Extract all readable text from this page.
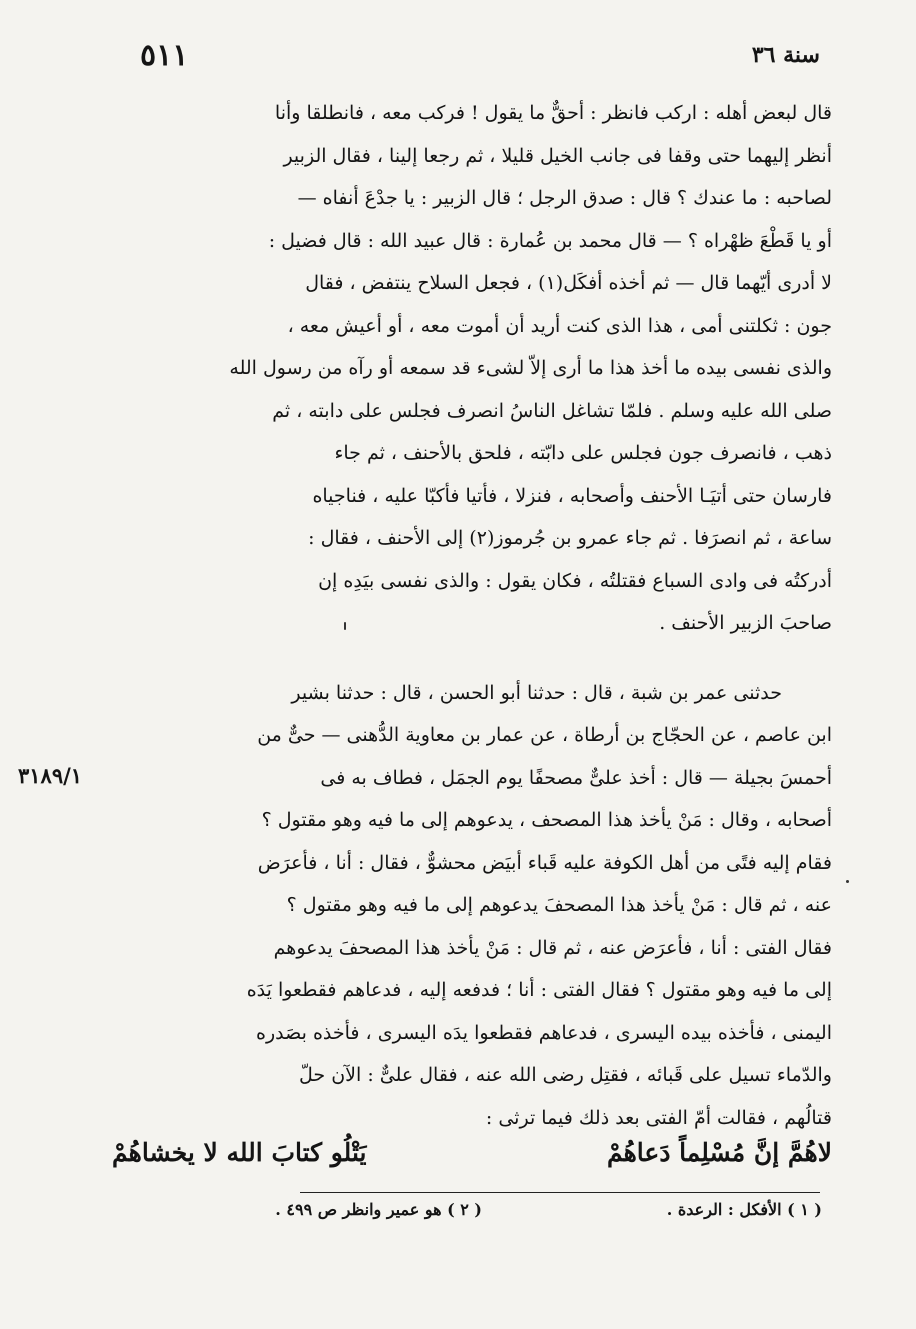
سنة ٣٦
٥١١
قال لبعض أهله : اركب فانظر : أحقٌّ ما يقول ! فركب معه ، فانطلقا وأنا
أنظر إليهما حتى وقفا فى جانب الخيل قليلا ، ثم رجعا إلينا ، فقال الزبير
لصاحبه : ما عندك ؟ قال : صدق الرجل ؛ قال الزبير : يا جدْعَ أنفاه —
أو يا قَطْعَ ظهْراه ؟ — قال محمد بن عُمارة : قال عبيد الله : قال فضيل :
لا أدرى أيّهما قال — ثم أخذه أفكَل(١) ، فجعل السلاح ينتفض ، فقال
جون : ثكلتنى أمى ، هذا الذى كنت أريد أن أموت معه ، أو أعيش معه ،
والذى نفسى بيده ما أخذ هذا ما أرى إلاّ لشىء قد سمعه أو رآه من رسول الله
صلى الله عليه وسلم . فلمّا تشاغل الناسُ انصرف فجلس على دابته ، ثم
ذهب ، فانصرف جون فجلس على دابّته ، فلحق بالأحنف ، ثم جاء
فارسان حتى أتيَـا الأحنف وأصحابه ، فنزلا ، فأتيا فأكبّا عليه ، فناجياه
ساعة ، ثم انصرَفا . ثم جاء عمرو بن جُرموز(٢) إلى الأحنف ، فقال :
أدركتُه فى وادى السباع فقتلتُه ، فكان يقول : والذى نفسى بيَدِه إن
صاحبَ الزبير الأحنف .
حدثنى عمر بن شبة ، قال : حدثنا أبو الحسن ، قال : حدثنا بشير
ابن عاصم ، عن الحجّاج بن أرطاة ، عن عمار بن معاوية الدُّهنى — حىٌّ من
أحمسَ بجيلة — قال : أخذ علىٌّ مصحفًا يوم الجمَل ، فطاف به فى
أصحابه ، وقال : مَنْ يأخذ هذا المصحف ، يدعوهم إلى ما فيه وهو مقتول ؟
فقام إليه فتًى من أهل الكوفة عليه قَباء أبيَض محشوٌّ ، فقال : أنا ، فأعرَض
عنه ، ثم قال : مَنْ يأخذ هذا المصحفَ يدعوهم إلى ما فيه وهو مقتول ؟
فقال الفتى : أنا ، فأعرَض عنه ، ثم قال : مَنْ يأخذ هذا المصحفَ يدعوهم
إلى ما فيه وهو مقتول ؟ فقال الفتى : أنا ؛ فدفعه إليه ، فدعاهم فقطعوا يَدَه
اليمنى ، فأخذه بيده اليسرى ، فدعاهم فقطعوا يدَه اليسرى ، فأخذه بصَدره
والدّماء تسيل على قَبائه ، فقتِل رضى الله عنه ، فقال علىٌّ : الآن حلّ
قتالُهم ، فقالت أمّ الفتى بعد ذلك فيما ترثى :
٣١٨٩/١
لاهُمَّ إنَّ مُسْلِماً دَعاهُمْ
يَتْلُو كتابَ الله لا يخشاهُمْ
( ١ ) الأفكل : الرعدة .
( ٢ ) هو عمير وانظر ص ٤٩٩ .
